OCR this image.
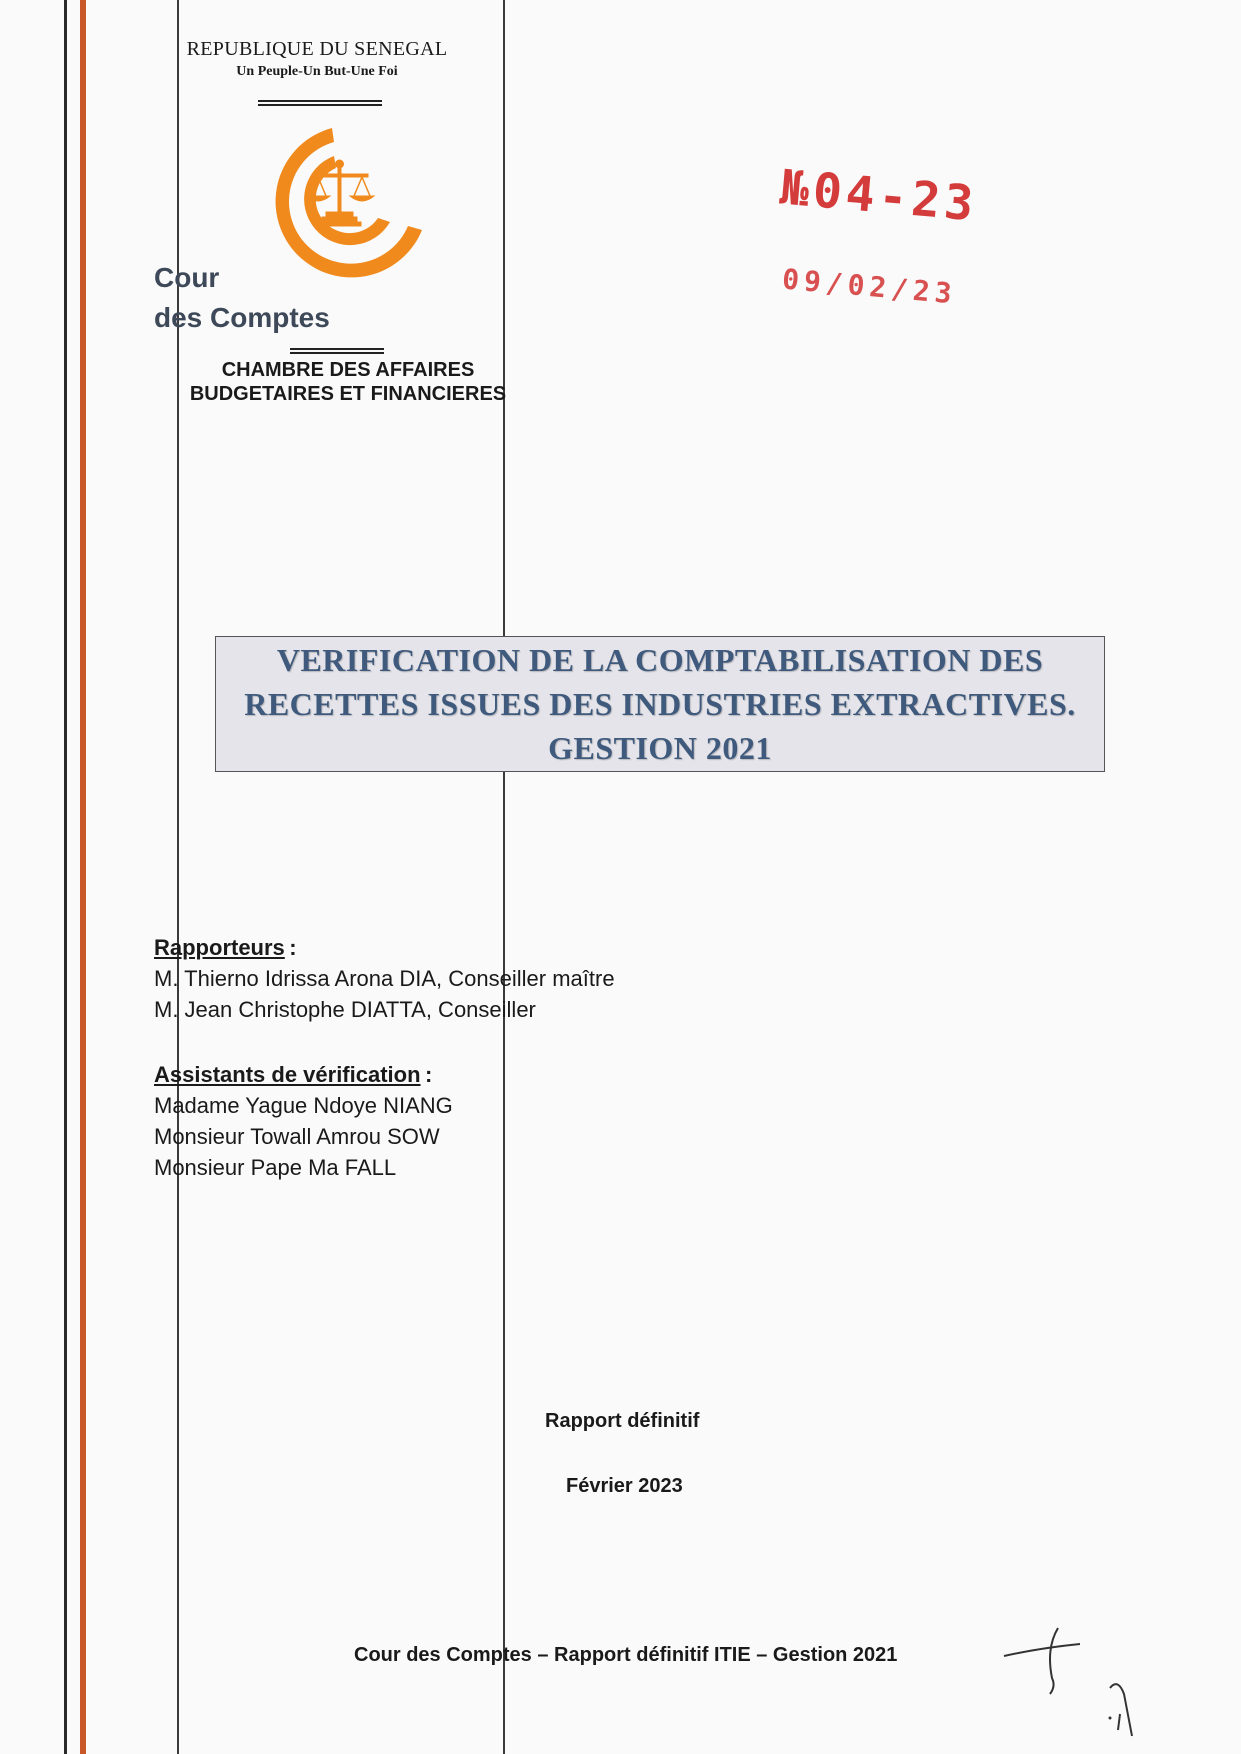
REPUBLIQUE DU SENEGAL
Un Peuple-Un But-Une Foi
Cour
des Comptes
CHAMBRE DES AFFAIRES
BUDGETAIRES ET FINANCIERES
№04-23
09/02/23
VERIFICATION DE LA COMPTABILISATION DES
RECETTES ISSUES DES INDUSTRIES EXTRACTIVES.
GESTION 2021
Rapporteurs :
M. Thierno Idrissa Arona DIA, Conseiller maître
M. Jean Christophe DIATTA, Conseiller
Assistants de vérification :
Madame Yague Ndoye NIANG
Monsieur Towall Amrou SOW
Monsieur Pape Ma FALL
Rapport définitif
Février 2023
Cour des Comptes – Rapport définitif ITIE – Gestion 2021
